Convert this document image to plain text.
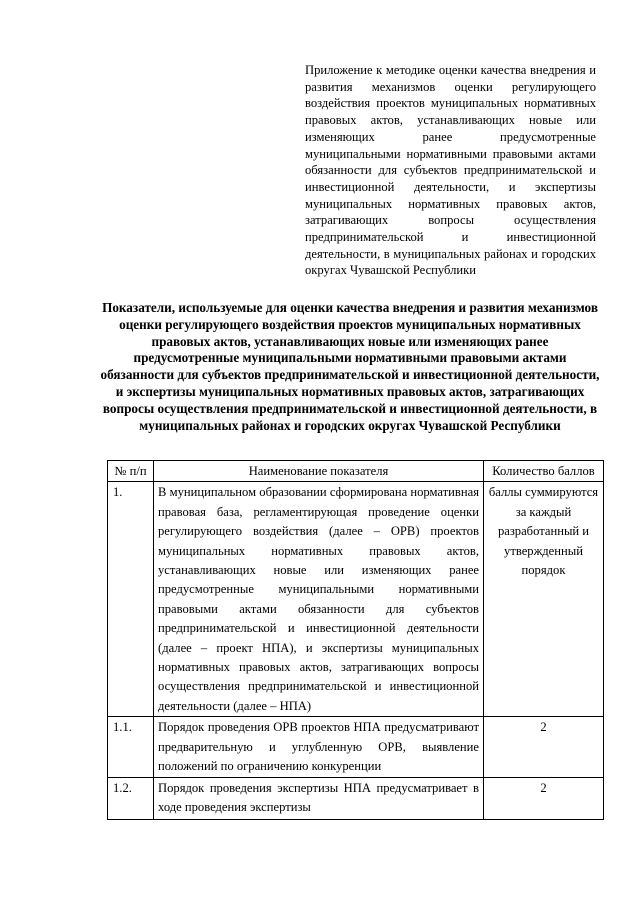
Приложение к методике оценки качества внедрения и развития механизмов оценки регулирующего воздействия проектов муниципальных нормативных правовых актов, устанавливающих новые или изменяющих ранее предусмотренные муниципальными нормативными правовыми актами обязанности для субъектов предпринимательской и инвестиционной деятельности, и экспертизы муниципальных нормативных правовых актов, затрагивающих вопросы осуществления предпринимательской и инвестиционной деятельности, в муниципальных районах и городских округах Чувашской Республики
Показатели, используемые для оценки качества внедрения и развития механизмов оценки регулирующего воздействия проектов муниципальных нормативных правовых актов, устанавливающих новые или изменяющих ранее предусмотренные муниципальными нормативными правовыми актами обязанности для субъектов предпринимательской и инвестиционной деятельности, и экспертизы муниципальных нормативных правовых актов, затрагивающих вопросы осуществления предпринимательской и инвестиционной деятельности, в муниципальных районах и городских округах Чувашской Республики
№ п/п	Наименование показателя	Количество баллов
1.	В муниципальном образовании сформирована нормативная правовая база, регламентирующая проведение оценки регулирующего воздействия (далее – ОРВ) проектов муниципальных нормативных правовых актов, устанавливающих новые или изменяющих ранее предусмотренные муниципальными нормативными правовыми актами обязанности для субъектов предпринимательской и инвестиционной деятельности (далее – проект НПА), и экспертизы муниципальных нормативных правовых актов, затрагивающих вопросы осуществления предпринимательской и инвестиционной деятельности (далее – НПА)	баллы суммируются за каждый разработанный и утвержденный порядок
1.1.	Порядок проведения ОРВ проектов НПА предусматривают предварительную и углубленную ОРВ, выявление положений по ограничению конкуренции	2
1.2.	Порядок проведения экспертизы НПА предусматривает в ходе проведения экспертизы	2
